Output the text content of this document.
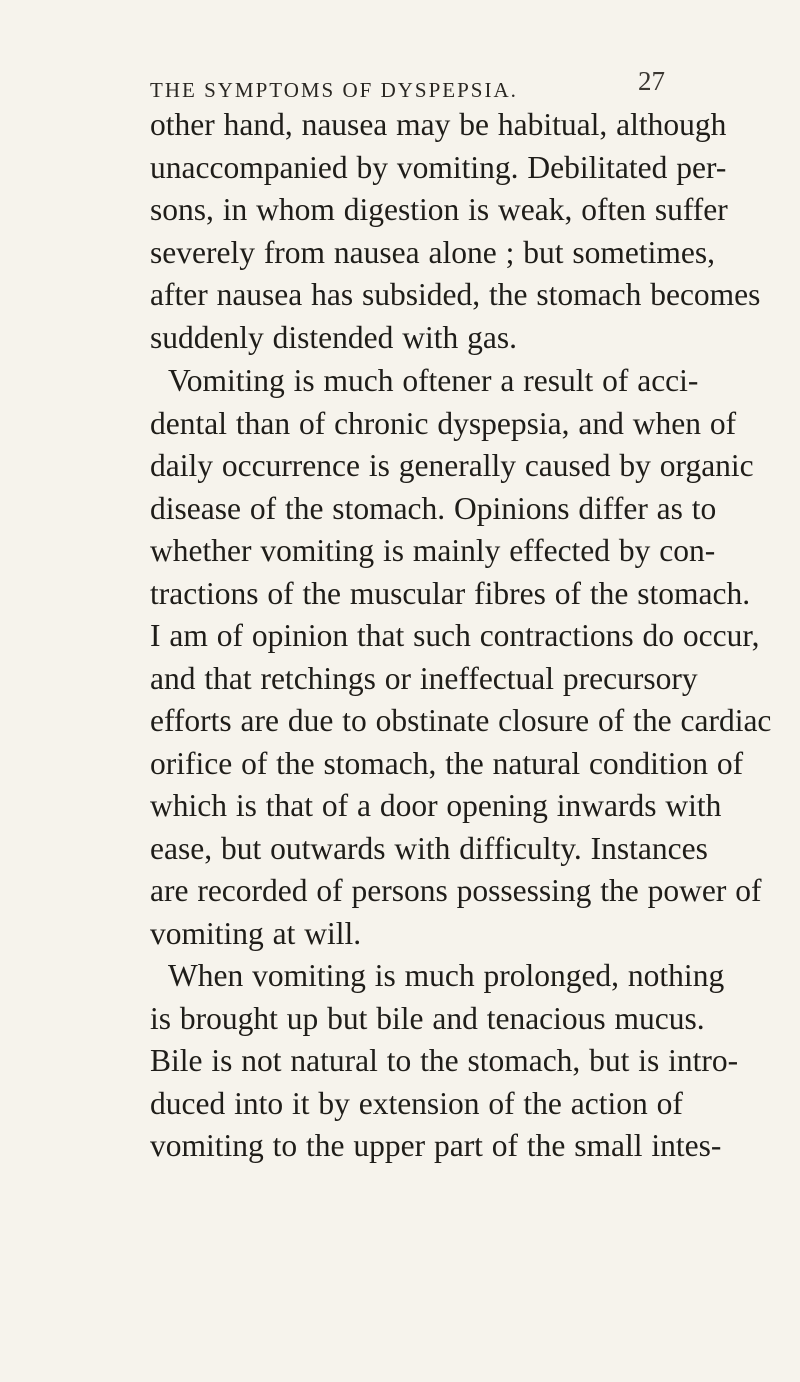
THE SYMPTOMS OF DYSPEPSIA.	27
other hand, nausea may be habitual, although
unaccompanied by vomiting. Debilitated per-
sons, in whom digestion is weak, often suffer
severely from nausea alone ; but sometimes,
after nausea has subsided, the stomach becomes
suddenly distended with gas.
Vomiting is much oftener a result of acci-
dental than of chronic dyspepsia, and when of
daily occurrence is generally caused by organic
disease of the stomach. Opinions differ as to
whether vomiting is mainly effected by con-
tractions of the muscular fibres of the stomach.
I am of opinion that such contractions do occur,
and that retchings or ineffectual precursory
efforts are due to obstinate closure of the cardiac
orifice of the stomach, the natural condition of
which is that of a door opening inwards with
ease, but outwards with difficulty. Instances
are recorded of persons possessing the power of
vomiting at will.
When vomiting is much prolonged, nothing
is brought up but bile and tenacious mucus.
Bile is not natural to the stomach, but is intro-
duced into it by extension of the action of
vomiting to the upper part of the small intes-
